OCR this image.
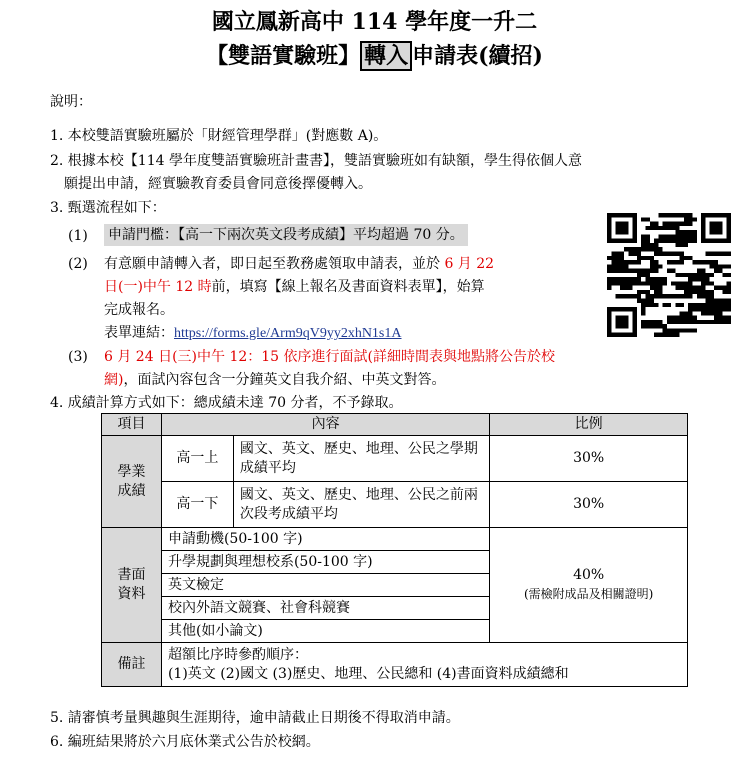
國立鳳新高中 114 學年度一升二
【雙語實驗班】 轉入 申請表(續招)
說明：
1. 本校雙語實驗班屬於「財經管理學群」(對應數 A)。
2. 根據本校【114 學年度雙語實驗班計畫書】，雙語實驗班如有缺額，學生得依個人意
願提出申請，經實驗教育委員會同意後擇優轉入。
3. 甄選流程如下：
(1) 申請門檻：【高一下兩次英文段考成績】平均超過 70 分。
(2) 有意願申請轉入者，即日起至教務處領取申請表，並於 6 月 22
日(一)中午 12 時前，填寫【線上報名及書面資料表單】，始算
完成報名。
表單連結：https://forms.gle/Arm9qV9yy2xhN1s1A
(3) 6 月 24 日(三)中午 12：15 依序進行面試(詳細時間表與地點將公告於校
網)，面試內容包含一分鐘英文自我介紹、中英文對答。
4. 成績計算方式如下：總成績未達 70 分者，不予錄取。
項目	內容		比例
學業成績	高一上	國文、英文、歷史、地理、公民之學期成績平均	30%
	高一下	國文、英文、歷史、地理、公民之前兩次段考成績平均	30%
書面資料	申請動機(50-100 字)		40%
(需檢附成品及相關證明)

	升學規劃與理想校系(50-100 字)		
	英文檢定		
	校內外語文競賽、社會科競賽		
	其他(如小論文)		
備註	超額比序時參酌順序：
(1)英文 (2)國文 (3)歷史、地理、公民總和 (4)書面資料成績總和		
5. 請審慎考量興趣與生涯期待，逾申請截止日期後不得取消申請。
6. 編班結果將於六月底休業式公告於校網。
